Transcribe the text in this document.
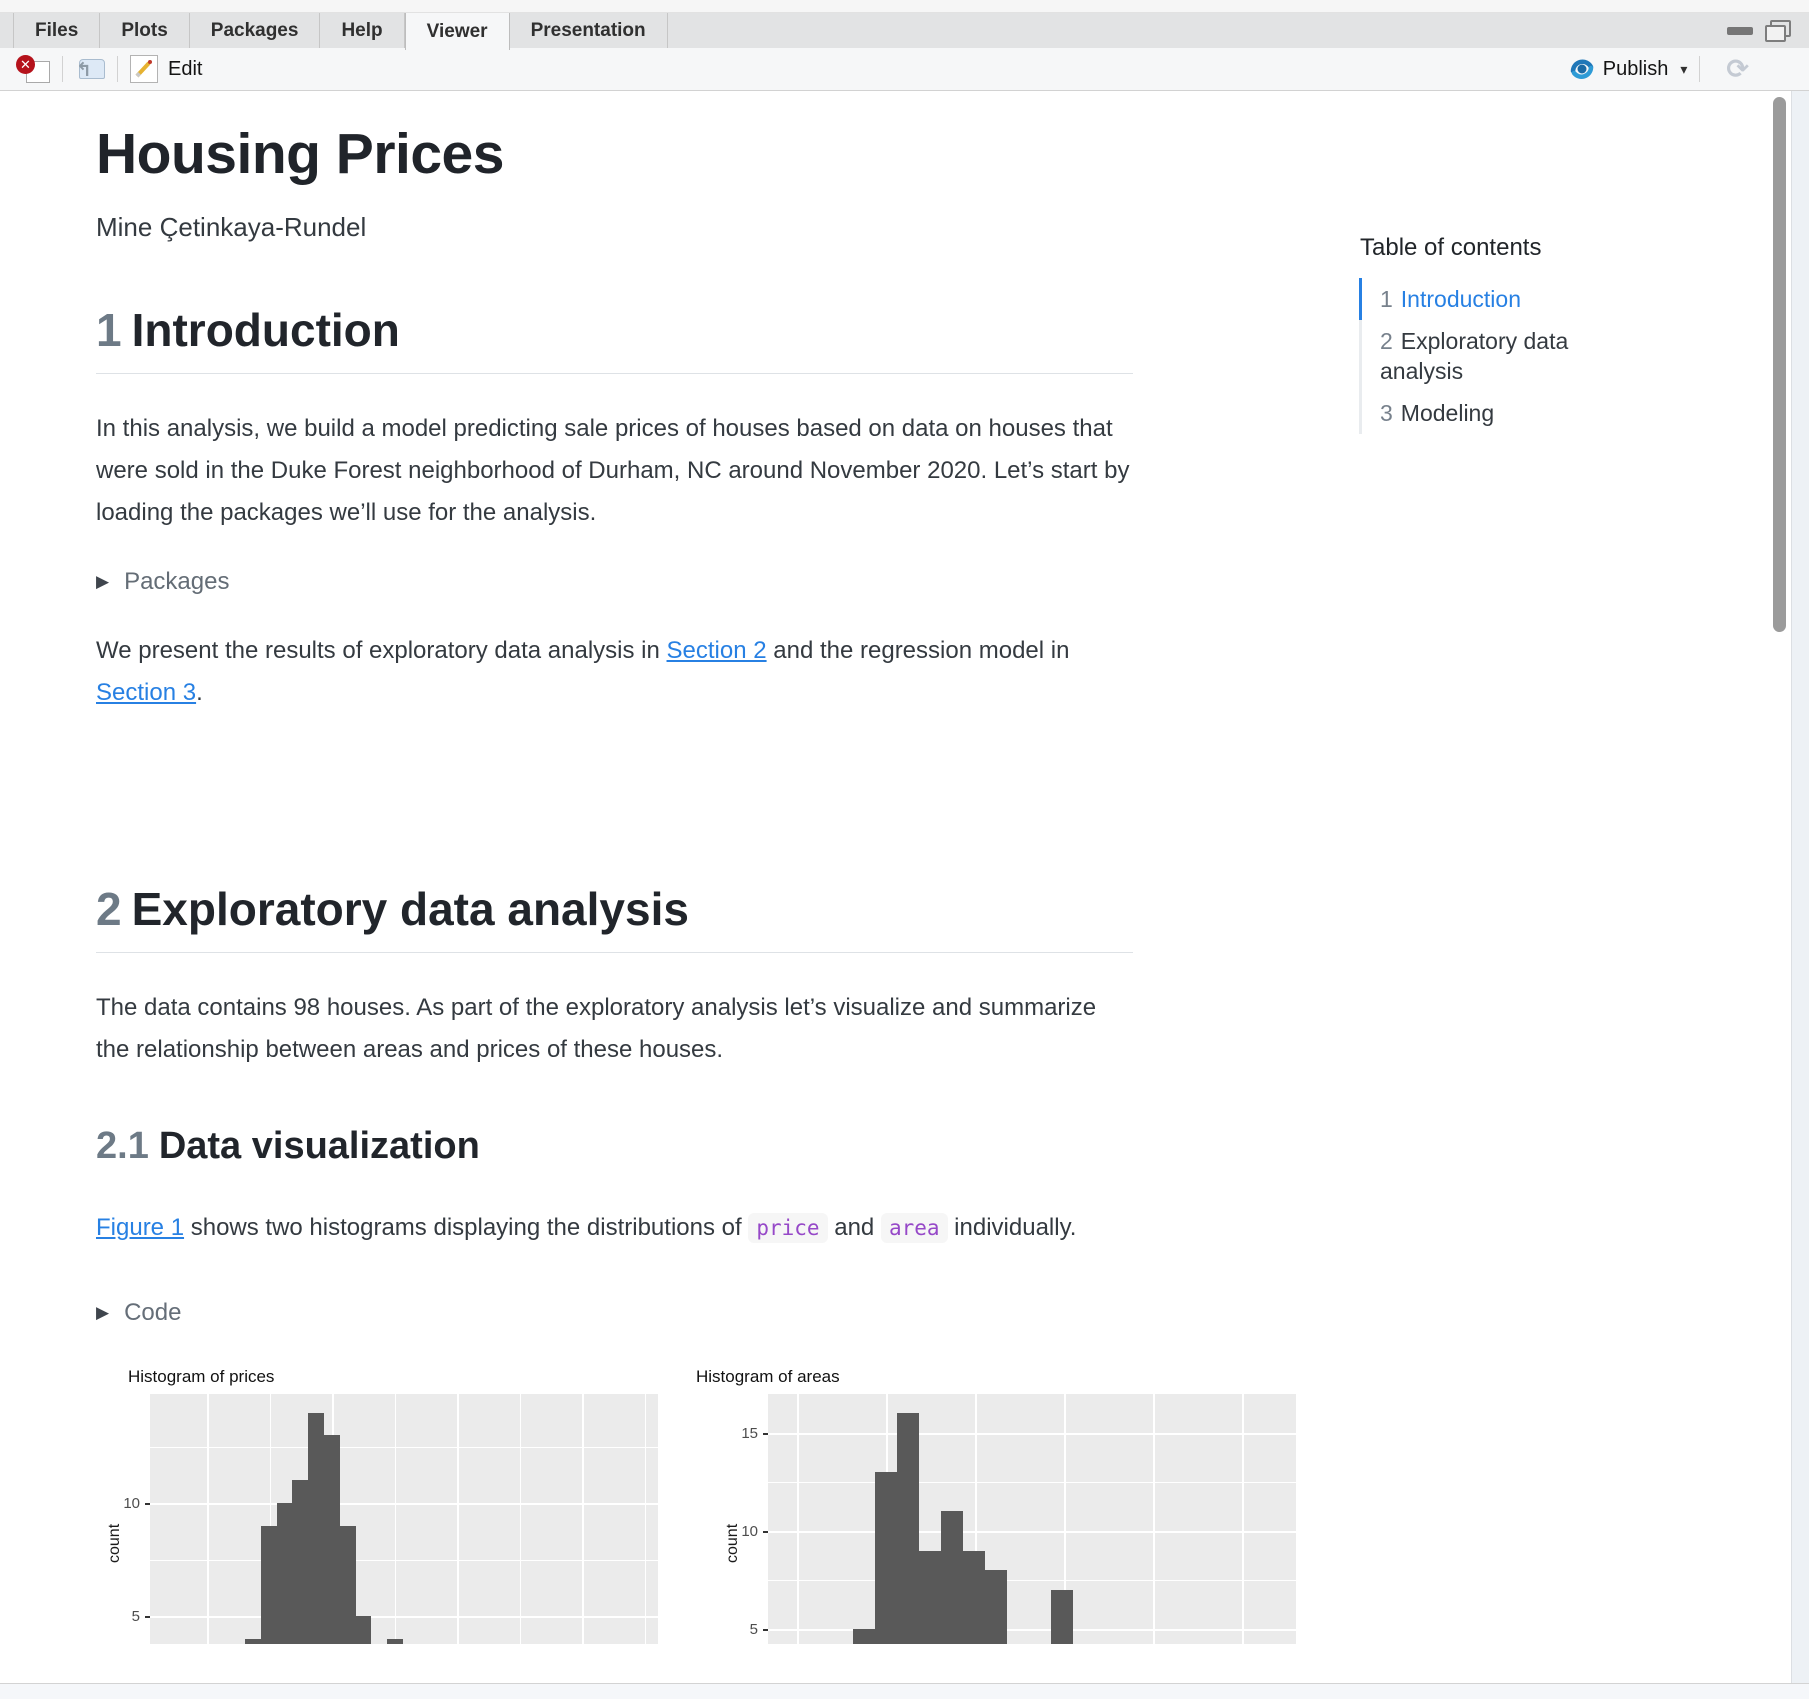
Files	Plots	Packages	Help	Viewer	Presentation
✕ ↰	Edit	Publish ▾ ⟳
Housing Prices
Mine Çetinkaya-Rundel
1 Introduction

In this analysis, we build a model predicting sale prices of houses based on data on houses that were sold in the Duke Forest neighborhood of Durham, NC around November 2020. Let’s start by loading the packages we’ll use for the analysis.

▶ Packages

We present the results of exploratory data analysis in Section 2 and the regression model in Section 3.

2 Exploratory data analysis

The data contains 98 houses. As part of the exploratory analysis let’s visualize and summarize the relationship between areas and prices of these houses.

2.1 Data visualization

Figure 1 shows two histograms displaying the distributions of price and area individually.

▶ Code
Histogram of prices
count
5
10
Histogram of areas
count
5
10
15
Table of contents
1 Introduction
2 Exploratory data analysis
3 Modeling
